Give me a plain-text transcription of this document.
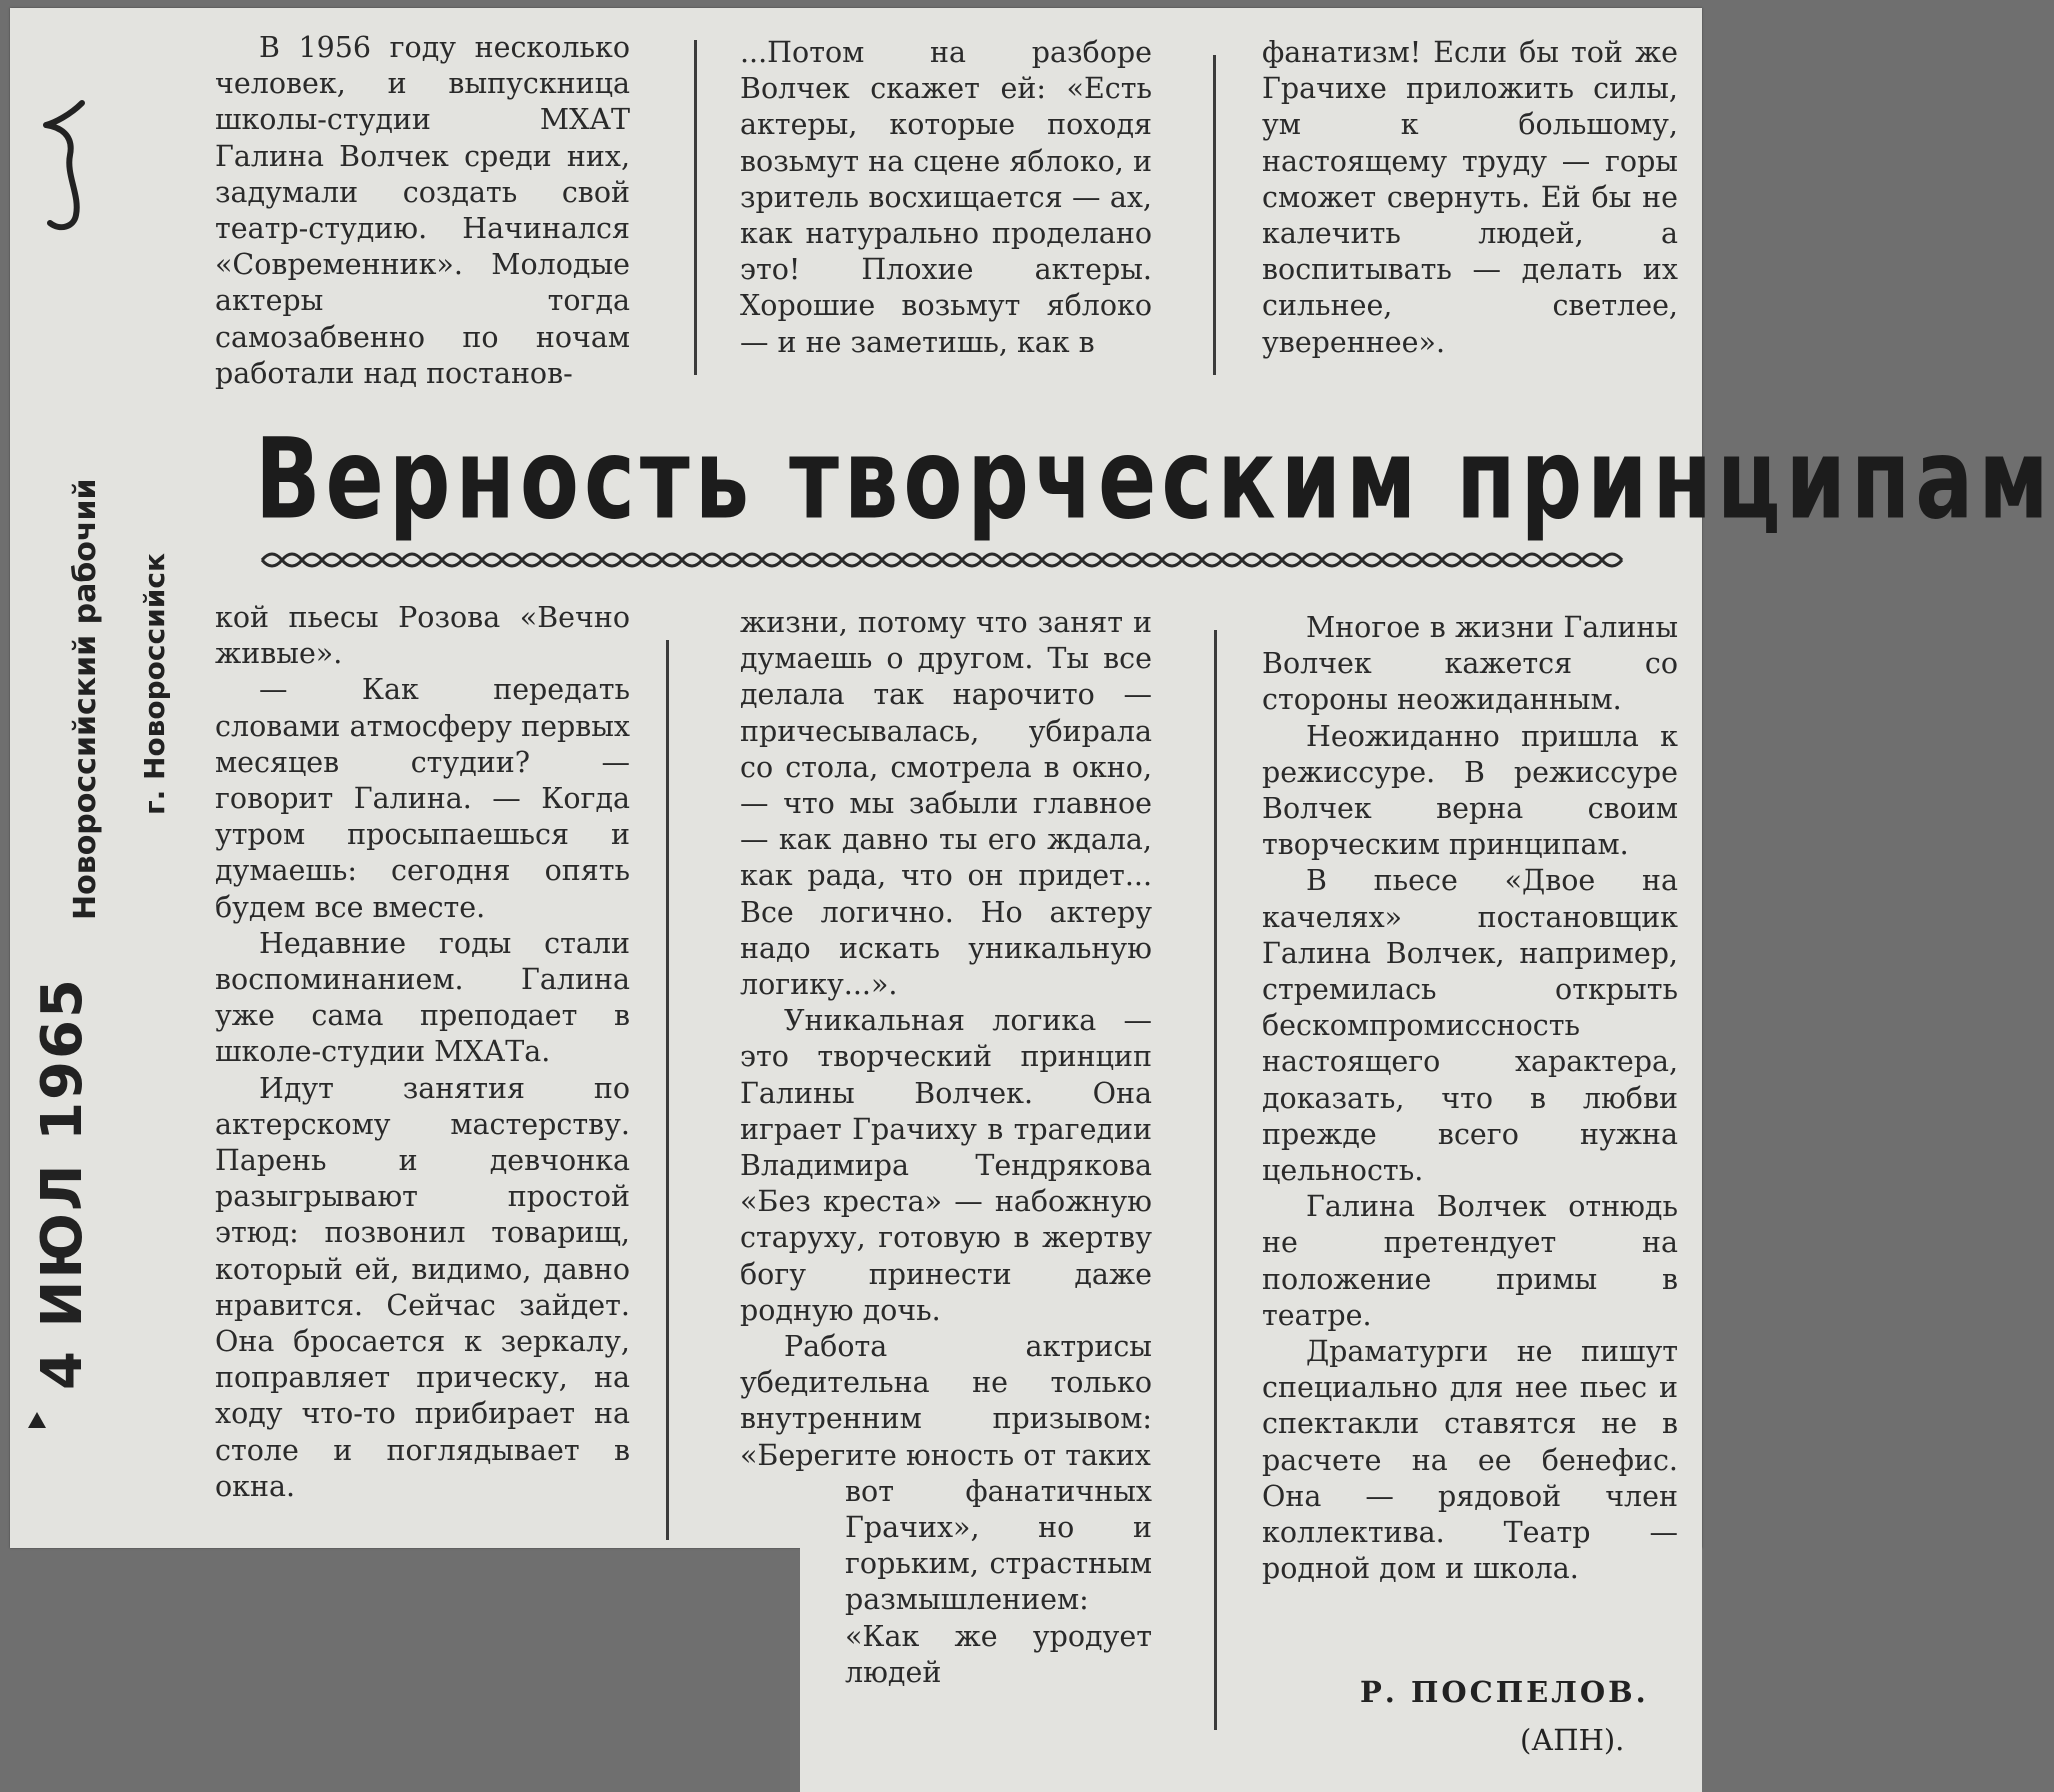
Новороссийский рабочий г. Новороссийск
4 ИЮЛ 1965

В 1956 году несколько человек, и выпускница школы-студии МХАТ Галина Волчек среди них, задумали создать свой театр-студию. Начинался «Современник». Молодые актеры тогда самозабвенно по ночам работали над постанов-

...Потом на разборе Волчек скажет ей: «Есть актеры, которые походя возьмут на сцене яблоко, и зритель восхищается — ах, как натурально проделано это! Плохие актеры. Хорошие возьмут яблоко — и не заметишь, как в

фанатизм! Если бы той же Грачихе приложить силы, ум к большому, настоящему труду — горы сможет свернуть. Ей бы не калечить людей, а воспитывать — делать их сильнее, светлее, увереннее».

Верность творческим принципам

кой пьесы Розова «Вечно живые».

— Как передать словами атмосферу первых месяцев студии? — говорит Галина. — Когда утром просыпаешься и думаешь: сегодня опять будем все вместе.

Недавние годы стали воспоминанием. Галина уже сама преподает в школе-студии МХАТа.

Идут занятия по актерскому мастерству. Парень и девчонка разыгрывают простой этюд: позвонил товарищ, который ей, видимо, давно нравится. Сейчас зайдет. Она бросается к зеркалу, поправляет прическу, на ходу что-то прибирает на столе и поглядывает в окна.

жизни, потому что занят и думаешь о другом. Ты все делала так нарочито — причесывалась, убирала со стола, смотрела в окно, — что мы забыли главное — как давно ты его ждала, как рада, что он придет... Все логично. Но актеру надо искать уникальную логику...».

Уникальная логика — это творческий принцип Галины Волчек. Она играет Грачиху в трагедии Владимира Тендрякова «Без креста» — набожную старуху, готовую в жертву богу принести даже родную дочь.

Работа актрисы убедительна не только внутренним призывом: «Берегите юность от таких

вот фанатичных Грачих», но и горьким, страстным размышлением: «Как же уродует людей

Многое в жизни Галины Волчек кажется со стороны неожиданным.

Неожиданно пришла к режиссуре. В режиссуре Волчек верна своим творческим принципам.

В пьесе «Двое на качелях» постановщик Галина Волчек, например, стремилась открыть бескомпромиссность настоящего характера, доказать, что в любви прежде всего нужна цельность.

Галина Волчек отнюдь не претендует на положение примы в театре.

Драматурги не пишут специально для нее пьес и спектакли ставятся не в расчете на ее бенефис. Она — рядовой член коллектива. Театр — родной дом и школа.

Р. ПОСПЕЛОВ.

(АПН).
